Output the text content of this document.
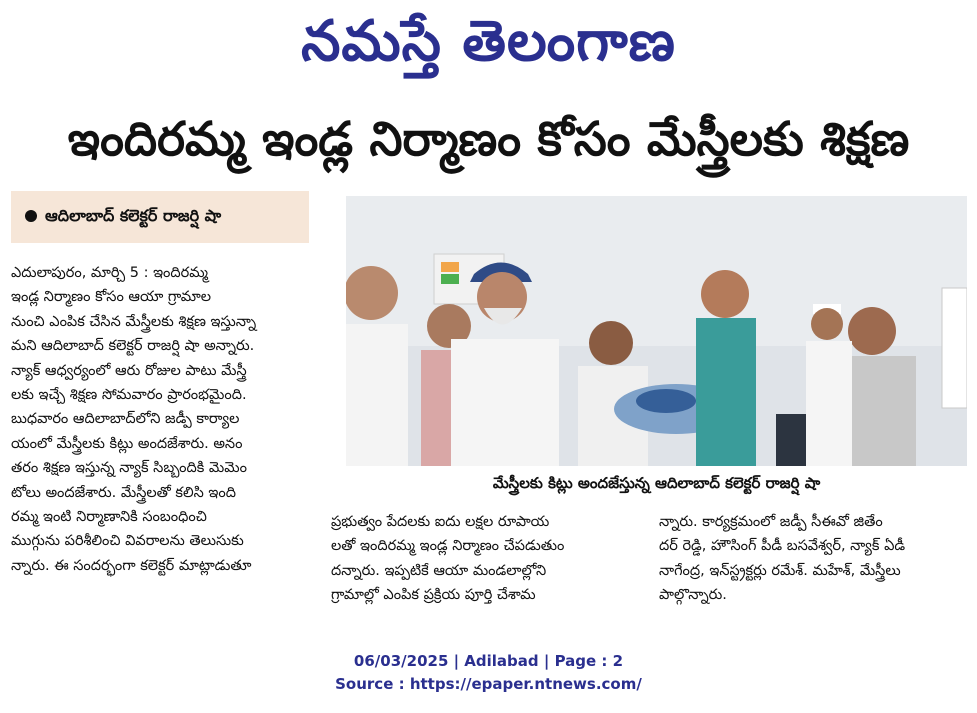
నమస్తే తెలంగాణ
ఇందిరమ్మ ఇండ్ల నిర్మాణం కోసం మేస్త్రీలకు శిక్షణ
ఆదిలాబాద్ కలెక్టర్ రాజర్షి షా
ఎదులాపురం, మార్చి 5 : ఇందిరమ్మ
ఇండ్ల నిర్మాణం కోసం ఆయా గ్రామాల
నుంచి ఎంపిక చేసిన మేస్త్రీలకు శిక్షణ ఇస్తున్నా
మని ఆదిలాబాద్ కలెక్టర్ రాజర్షి షా అన్నారు.
న్యాక్ ఆధ్వర్యంలో ఆరు రోజుల పాటు మేస్త్రీ
లకు ఇచ్చే శిక్షణ సోమవారం ప్రారంభమైంది.
బుధవారం ఆదిలాబాద్‌లోని జడ్పీ కార్యాల
యంలో మేస్త్రీలకు కిట్లు అందజేశారు. అనం
తరం శిక్షణ ఇస్తున్న న్యాక్ సిబ్బందికి మెమెం
టోలు అందజేశారు. మేస్త్రీలతో కలిసి ఇంది
రమ్మ ఇంటి నిర్మాణానికి సంబంధించి
ముగ్గును పరిశీలించి వివరాలను తెలుసుకు
న్నారు. ఈ సందర్భంగా కలెక్టర్ మాట్లాడుతూ
మేస్త్రీలకు కిట్లు అందజేస్తున్న ఆదిలాబాద్ కలెక్టర్ రాజర్షి షా
ప్రభుత్వం పేదలకు ఐదు లక్షల రూపాయ
లతో ఇందిరమ్మ ఇండ్ల నిర్మాణం చేపడుతుం
దన్నారు. ఇప్పటికే ఆయా మండలాల్లోని
గ్రామాల్లో ఎంపిక ప్రక్రియ పూర్తి చేశామ
న్నారు. కార్యక్రమంలో జడ్పీ సీఈవో జితేం
దర్ రెడ్డి, హౌసింగ్ పీడీ బసవేశ్వర్, న్యాక్ ఏడీ
నాగేంద్ర, ఇన్‌స్ట్రక్టర్లు రమేశ్. మహేశ్, మేస్త్రీలు
పాల్గొన్నారు.
06/03/2025 | Adilabad | Page : 2
Source : https://epaper.ntnews.com/
